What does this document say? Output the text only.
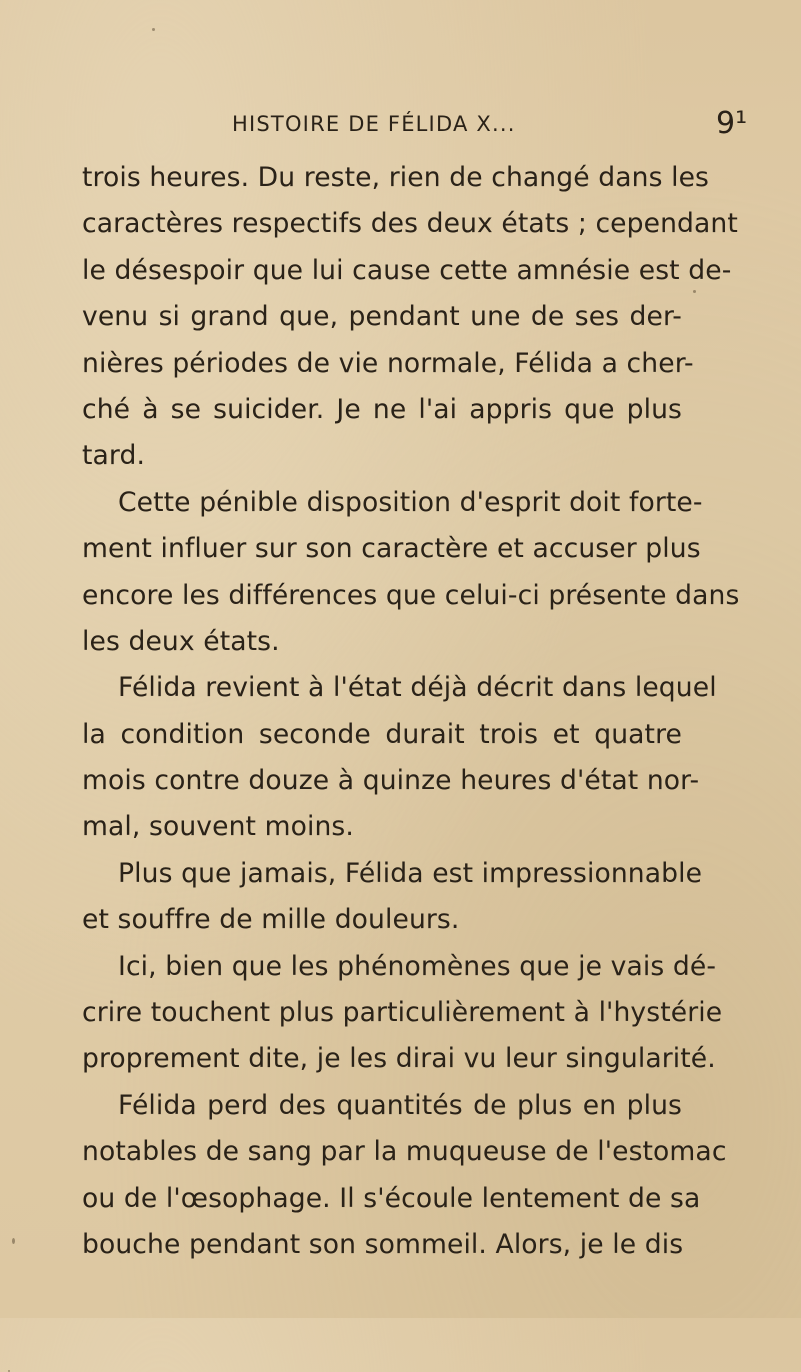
HISTOIRE DE FÉLIDA X...	9¹
trois heures. Du reste, rien de changé dans les
caractères respectifs des deux états ; cependant
le désespoir que lui cause cette amnésie est de-
venu si grand que, pendant une de ses der-
nières périodes de vie normale, Félida a cher-
ché à se suicider. Je ne l'ai appris que plus
tard.
Cette pénible disposition d'esprit doit forte-
ment influer sur son caractère et accuser plus
encore les différences que celui-ci présente dans
les deux états.
Félida revient à l'état déjà décrit dans lequel
la condition seconde durait trois et quatre
mois contre douze à quinze heures d'état nor-
mal, souvent moins.
Plus que jamais, Félida est impressionnable
et souffre de mille douleurs.
Ici, bien que les phénomènes que je vais dé-
crire touchent plus particulièrement à l'hystérie
proprement dite, je les dirai vu leur singularité.
Félida perd des quantités de plus en plus
notables de sang par la muqueuse de l'estomac
ou de l'œsophage. Il s'écoule lentement de sa
bouche pendant son sommeil. Alors, je le dis
